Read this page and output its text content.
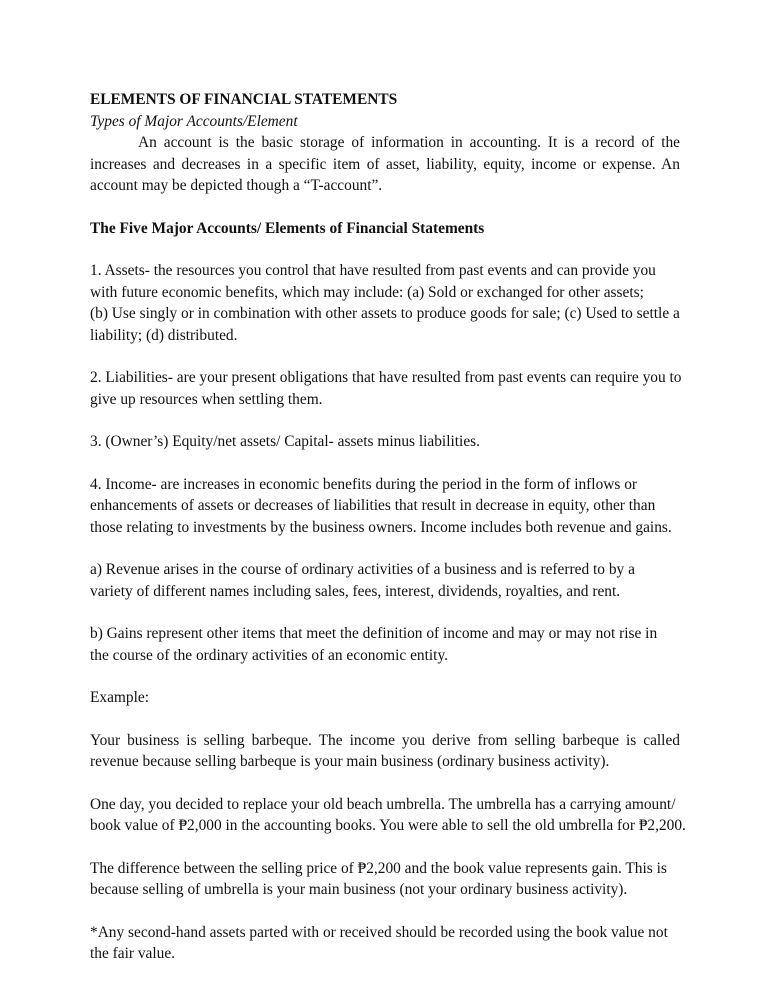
ELEMENTS OF FINANCIAL STATEMENTS
Types of Major Accounts/Element

An account is the basic storage of information in accounting. It is a record of the increases and decreases in a specific item of asset, liability, equity, income or expense. An account may be depicted though a “T-account”.

The Five Major Accounts/ Elements of Financial Statements

1. Assets- the resources you control that have resulted from past events and can provide you
with future economic benefits, which may include: (a) Sold or exchanged for other assets;
(b) Use singly or in combination with other assets to produce goods for sale; (c) Used to settle a
liability; (d) distributed.

2. Liabilities- are your present obligations that have resulted from past events can require you to
give up resources when settling them.

3. (Owner’s) Equity/net assets/ Capital- assets minus liabilities.

4. Income- are increases in economic benefits during the period in the form of inflows or
enhancements of assets or decreases of liabilities that result in decrease in equity, other than
those relating to investments by the business owners. Income includes both revenue and gains.

a) Revenue arises in the course of ordinary activities of a business and is referred to by a
variety of different names including sales, fees, interest, dividends, royalties, and rent.

b) Gains represent other items that meet the definition of income and may or may not rise in
the course of the ordinary activities of an economic entity.

Example:

Your business is selling barbeque. The income you derive from selling barbeque is called revenue because selling barbeque is your main business (ordinary business activity).

One day, you decided to replace your old beach umbrella. The umbrella has a carrying amount/
book value of ₱2,000 in the accounting books. You were able to sell the old umbrella for ₱2,200.

The difference between the selling price of ₱2,200 and the book value represents gain. This is
because selling of umbrella is your main business (not your ordinary business activity).

*Any second-hand assets parted with or received should be recorded using the book value not
the fair value.
